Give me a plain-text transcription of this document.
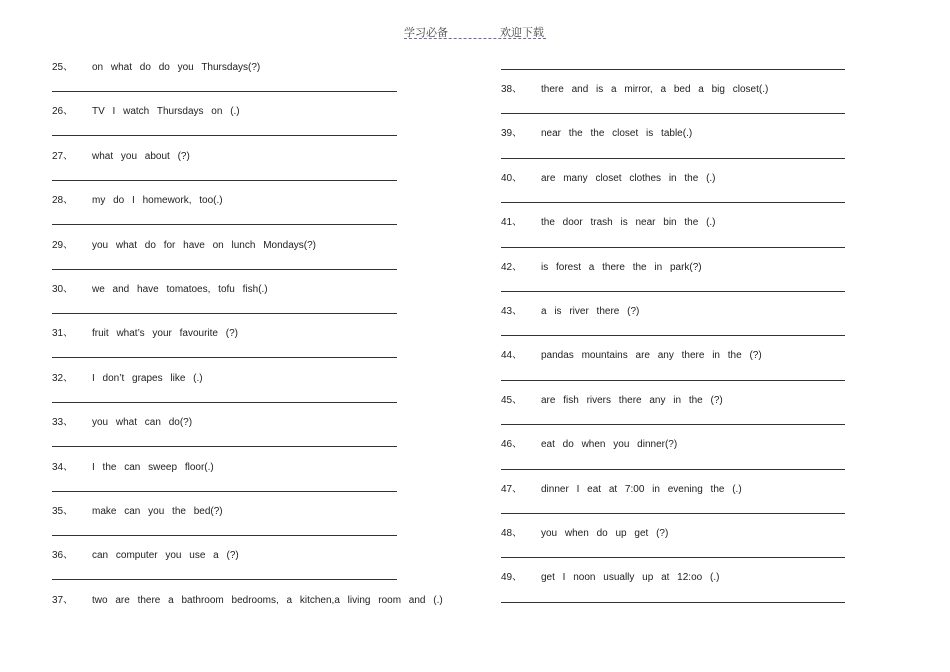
学习必备	欢迎下载
25、 on what do do you Thursdays(?)
26、 TV I watch Thursdays on (.)
27、 what you about (?)
28、 my do I homework, too(.)
29、 you what do for have on lunch Mondays(?)
30、 we and have tomatoes, tofu fish(.)
31、 fruit what’s your favourite (?)
32、 I don’t grapes like (.)
33、 you what can do(?)
34、 I the can sweep floor(.)
35、 make can you the bed(?)
36、 can computer you use a (?)
37、 two are there a bathroom bedrooms, a kitchen,a living room and (.)
38、 there and is a mirror, a bed a big closet(.)
39、 near the the closet is table(.)
40、 are many closet clothes in the (.)
41、 the door trash is near bin the (.)
42、 is forest a there the in park(?)
43、 a is river there (?)
44、 pandas mountains are any there in the (?)
45、 are fish rivers there any in the (?)
46、 eat do when you dinner(?)
47、 dinner I eat at 7:00 in evening the (.)
48、 you when do up get (?)
49、 get I noon usually up at 12:oo (.)
